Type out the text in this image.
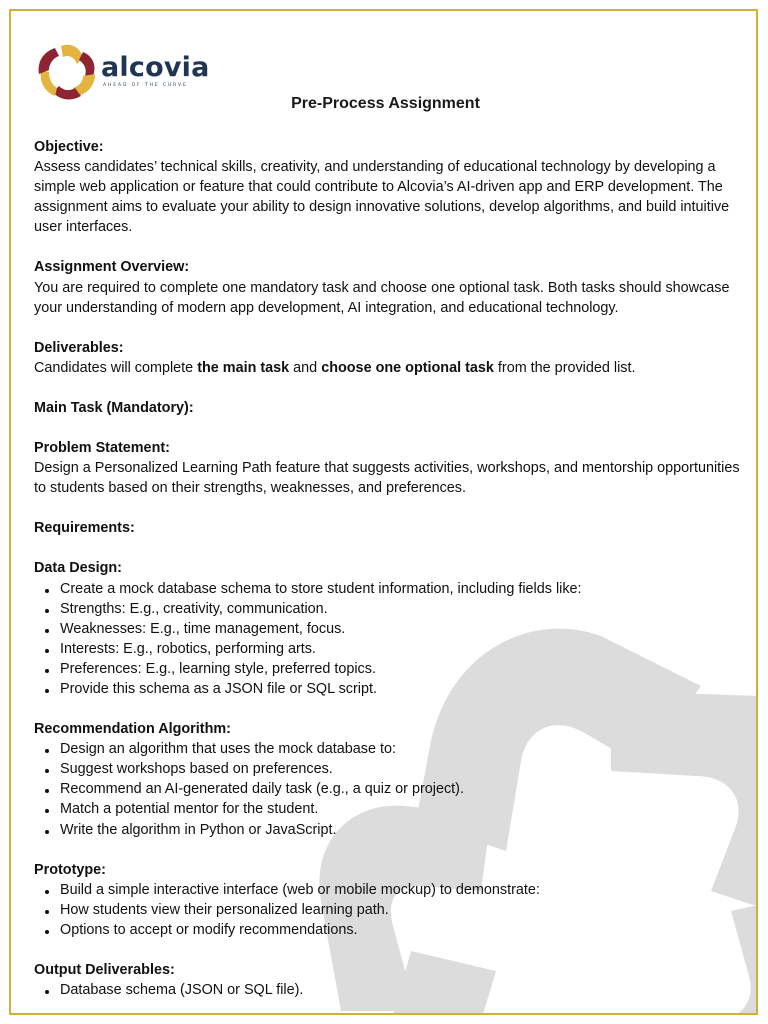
alcovia
AHEAD OF THE CURVE
Pre-Process Assignment

Objective:

Assess candidates’ technical skills, creativity, and understanding of educational technology by developing a simple web application or feature that could contribute to Alcovia’s AI-driven app and ERP development. The assignment aims to evaluate your ability to design innovative solutions, develop algorithms, and build intuitive user interfaces.

Assignment Overview:

You are required to complete one mandatory task and choose one optional task. Both tasks should showcase your understanding of modern app development, AI integration, and educational technology.

Deliverables:

Candidates will complete the main task and choose one optional task from the provided list.

Main Task (Mandatory):

Problem Statement:

Design a Personalized Learning Path feature that suggests activities, workshops, and mentorship opportunities to students based on their strengths, weaknesses, and preferences.

Requirements:

Data Design:

Create a mock database schema to store student information, including fields like:
Strengths: E.g., creativity, communication.
Weaknesses: E.g., time management, focus.
Interests: E.g., robotics, performing arts.
Preferences: E.g., learning style, preferred topics.
Provide this schema as a JSON file or SQL script.

Recommendation Algorithm:

Design an algorithm that uses the mock database to:
Suggest workshops based on preferences.
Recommend an AI-generated daily task (e.g., a quiz or project).
Match a potential mentor for the student.
Write the algorithm in Python or JavaScript.

Prototype:

Build a simple interactive interface (web or mobile mockup) to demonstrate:
How students view their personalized learning path.
Options to accept or modify recommendations.

Output Deliverables:

Database schema (JSON or SQL file).
